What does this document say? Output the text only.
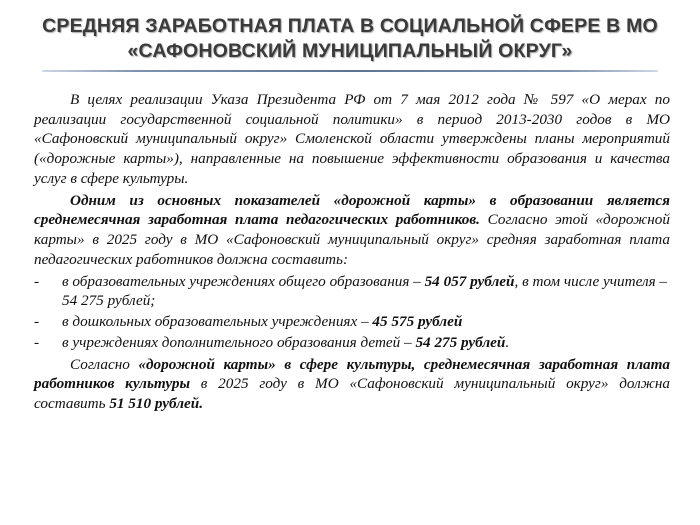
СРЕДНЯЯ ЗАРАБОТНАЯ ПЛАТА В СОЦИАЛЬНОЙ СФЕРЕ В МО «САФОНОВСКИЙ МУНИЦИПАЛЬНЫЙ ОКРУГ»

В целях реализации Указа Президента РФ от 7 мая 2012 года № 597 «О мерах по реализации государственной социальной политики» в период 2013-2030 годов в МО «Сафоновский муниципальный округ» Смоленской области утверждены планы мероприятий («дорожные карты»), направленные на повышение эффективности образования и качества услуг в сфере культуры.

Одним из основных показателей «дорожной карты» в образовании является среднемесячная заработная плата педагогических работников. Согласно этой «дорожной карты» в 2025 году в МО «Сафоновский муниципальный округ» средняя заработная плата педагогических работников должна составить:

- в образовательных учреждениях общего образования – 54 057 рублей, в том числе учителя – 54 275 рублей;
- в дошкольных образовательных учреждениях – 45 575 рублей
- в учреждениях дополнительного образования детей – 54 275 рублей.

Согласно «дорожной карты» в сфере культуры, среднемесячная заработная плата работников культуры в 2025 году в МО «Сафоновский муниципальный округ» должна составить 51 510 рублей.
